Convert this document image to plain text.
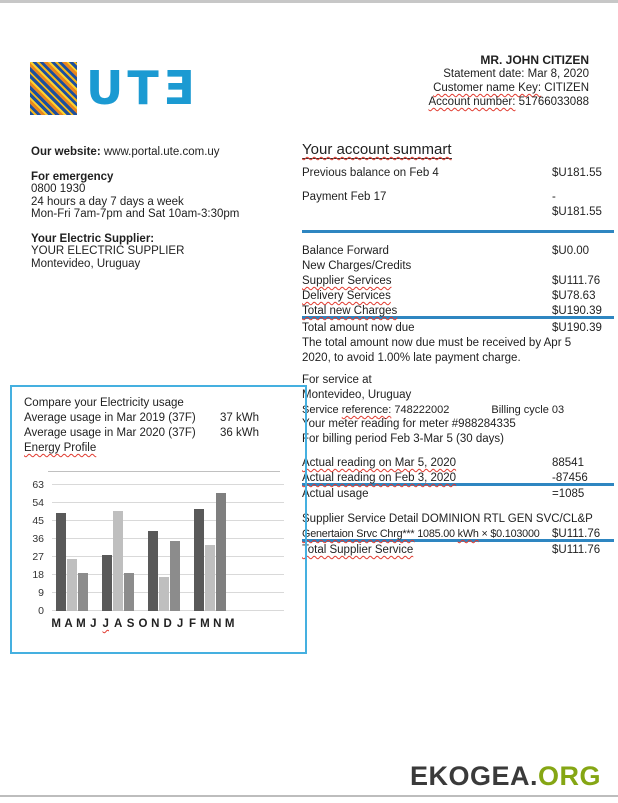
UTƎ
MR. JOHN CITIZEN
Statement date: Mar 8, 2020
Customer name Key: CITIZEN
Account number: 51766033088
Our website: www.portal.ute.com.uy
For emergency
0800 1930
24 hours a day 7 days a week
Mon-Fri 7am-7pm and Sat 10am-3:30pm
Your Electric Supplier:
YOUR ELECTRIC SUPPLIER
Montevideo, Uruguay
Your account summart
Previous balance on Feb 4	$U181.55
Payment Feb 17	-
$U181.55
Balance Forward	$U0.00
New Charges/Credits
Supplier Services	$U111.76
Delivery Services	$U78.63
Total new Charges	$U190.39
Total amount now due	$U190.39
The total amount now due must be received by Apr 5
2020, to avoid 1.00% late payment charge.
For service at
Montevideo, Uruguay
Service reference: 748222002	Billing cycle 03
Your meter reading for meter #988284335
For billing period Feb 3-Mar 5 (30 days)
Actual reading on Mar 5, 2020	88541
Actual reading on Feb 3, 2020	-87456
Actual usage	=1085
Supplier Service Detail DOMINION RTL GEN SVC/CL&P
Genertaion Srvc Chrg*** 1085.00 kWh × $0.103000	$U111.76
Total Supplier Service	$U111.76
Compare your Electricity usage
Average usage in Mar 2019 (37F)	37 kWh
Average usage in Mar 2020 (37F)	36 kWh
Energy Profile
0
9
18
27
36
45
54
63
M A M J J A S O N D J F M N M
EKOGEA.ORG
